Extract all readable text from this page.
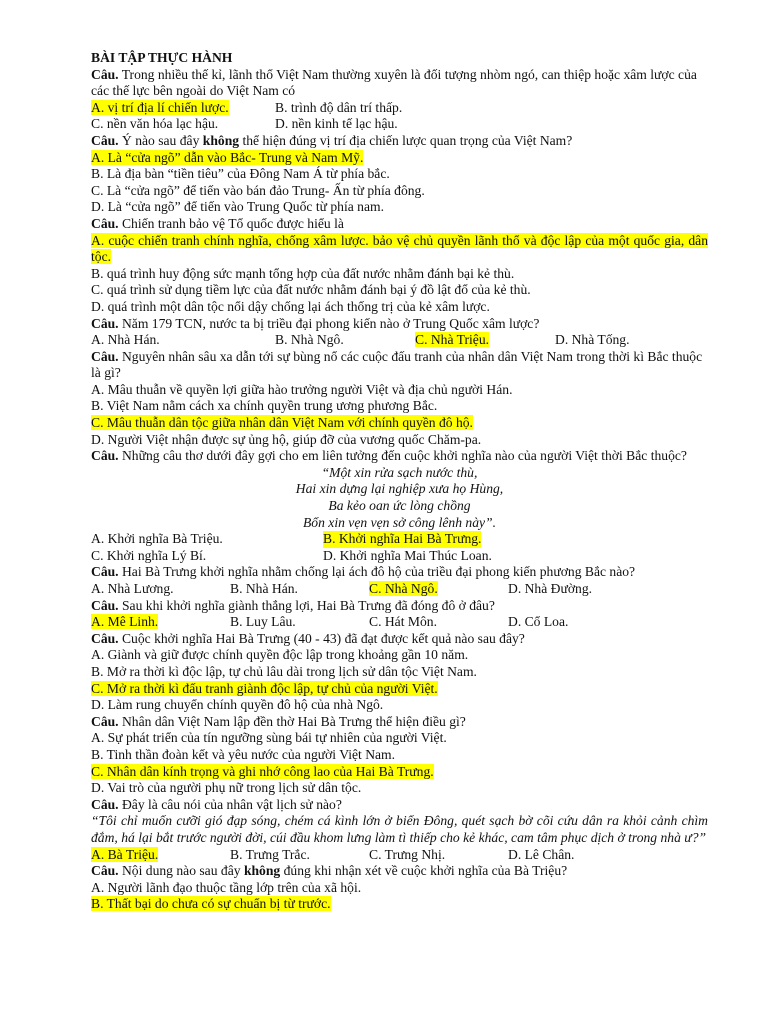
BÀI TẬP THỰC HÀNH

Câu. Trong nhiều thế kỉ, lãnh thổ Việt Nam thường xuyên là đối tượng nhòm ngó, can thiệp hoặc xâm lược của các thế lực bên ngoài do Việt Nam có

A. vị trí địa lí chiến lược.	B. trình độ dân trí thấp.
C. nền văn hóa lạc hậu.	D. nền kinh tế lạc hậu.

Câu. Ý nào sau đây không thể hiện đúng vị trí địa chiến lược quan trọng của Việt Nam?

A. Là “cửa ngõ” dẫn vào Bắc- Trung và Nam Mỹ.

B. Là địa bàn “tiền tiêu” của Đông Nam Á từ phía bắc.

C. Là “cửa ngõ” để tiến vào bán đảo Trung- Ấn từ phía đông.

D. Là “cửa ngõ” để tiến vào Trung Quốc từ phía nam.

Câu. Chiến tranh bảo vệ Tổ quốc được hiểu là

A. cuộc chiến tranh chính nghĩa, chống xâm lược. bảo vệ chủ quyền lãnh thổ và độc lập của một quốc gia, dân tộc.

B. quá trình huy động sức mạnh tổng hợp của đất nước nhằm đánh bại kẻ thù.

C. quá trình sử dụng tiềm lực của đất nước nhằm đánh bại ý đồ lật đổ của kẻ thù.

D. quá trình một dân tộc nổi dậy chống lại ách thống trị của kẻ xâm lược.

Câu. Năm 179 TCN, nước ta bị triều đại phong kiến nào ở Trung Quốc xâm lược?

A. Nhà Hán.	B. Nhà Ngô.	C. Nhà Triệu.	D. Nhà Tống.

Câu. Nguyên nhân sâu xa dẫn tới sự bùng nổ các cuộc đấu tranh của nhân dân Việt Nam trong thời kì Bắc thuộc là gì?

A. Mâu thuẫn về quyền lợi giữa hào trưởng người Việt và địa chủ người Hán.

B. Việt Nam nằm cách xa chính quyền trung ương phương Bắc.

C. Mâu thuẫn dân tộc giữa nhân dân Việt Nam với chính quyền đô hộ.

D. Người Việt nhận được sự ủng hộ, giúp đỡ của vương quốc Chăm-pa.

Câu. Những câu thơ dưới đây gợi cho em liên tưởng đến cuộc khởi nghĩa nào của người Việt thời Bắc thuộc?

“Một xin rửa sạch nước thù,

Hai xin dựng lại nghiệp xưa họ Hùng,

Ba kẻo oan ức lòng chồng

Bốn xin vẹn vẹn sở công lênh này”.

A. Khởi nghĩa Bà Triệu.	B. Khởi nghĩa Hai Bà Trưng.
C. Khởi nghĩa Lý Bí.	D. Khởi nghĩa Mai Thúc Loan.

Câu. Hai Bà Trưng khởi nghĩa nhằm chống lại ách đô hộ của triều đại phong kiến phương Bắc nào?

A. Nhà Lương.	B. Nhà Hán.	C. Nhà Ngô.	D. Nhà Đường.

Câu. Sau khi khởi nghĩa giành thắng lợi, Hai Bà Trưng đã đóng đô ở đâu?

A. Mê Linh.	B. Luy Lâu.	C. Hát Môn.	D. Cổ Loa.

Câu. Cuộc khởi nghĩa Hai Bà Trưng (40 - 43) đã đạt được kết quả nào sau đây?

A. Giành và giữ được chính quyền độc lập trong khoảng gần 10 năm.

B. Mở ra thời kì độc lập, tự chủ lâu dài trong lịch sử dân tộc Việt Nam.

C. Mở ra thời kì đấu tranh giành độc lập, tự chủ của người Việt.

D. Làm rung chuyển chính quyền đô hộ của nhà Ngô.

Câu. Nhân dân Việt Nam lập đền thờ Hai Bà Trưng thể hiện điều gì?

A. Sự phát triển của tín ngưỡng sùng bái tự nhiên của người Việt.

B. Tinh thần đoàn kết và yêu nước của người Việt Nam.

C. Nhân dân kính trọng và ghi nhớ công lao của Hai Bà Trưng.

D. Vai trò của người phụ nữ trong lịch sử dân tộc.

Câu. Đây là câu nói của nhân vật lịch sử nào?

“Tôi chỉ muốn cưỡi gió đạp sóng, chém cá kình lớn ở biển Đông, quét sạch bờ cõi cứu dân ra khỏi cảnh chìm đắm, há lại bắt trước người đời, cúi đầu khom lưng làm tì thiếp cho kẻ khác, cam tâm phục dịch ở trong nhà ư?”

A. Bà Triệu.	B. Trưng Trắc.	C. Trưng Nhị.	D. Lê Chân.

Câu. Nội dung nào sau đây không đúng khi nhận xét về cuộc khởi nghĩa của Bà Triệu?

A. Người lãnh đạo thuộc tầng lớp trên của xã hội.

B. Thất bại do chưa có sự chuẩn bị từ trước.
